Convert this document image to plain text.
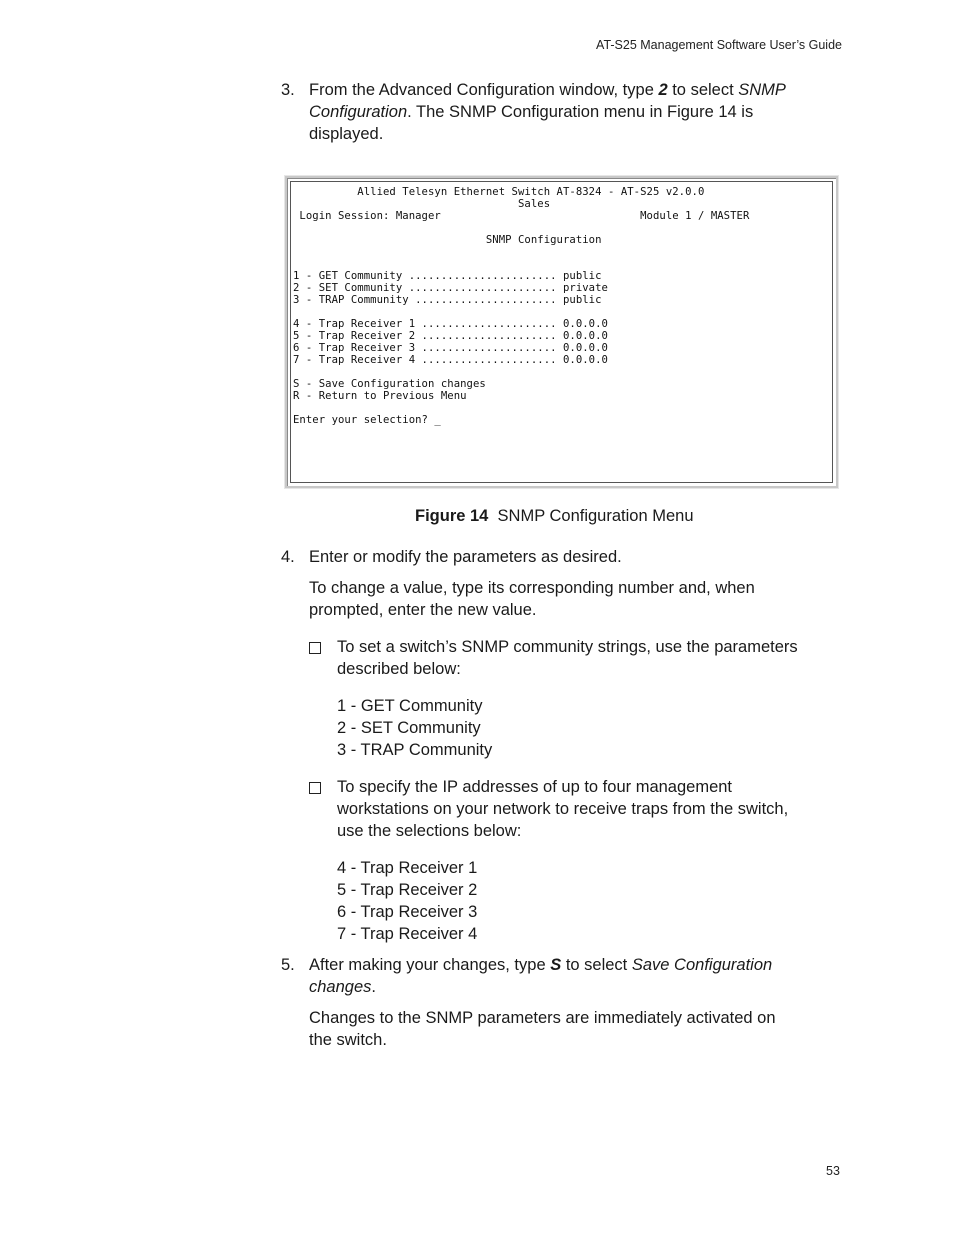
AT-S25 Management Software User’s Guide
3. From the Advanced Configuration window, type 2 to select SNMP
Configuration. The SNMP Configuration menu in Figure 14 is
displayed.
Allied Telesyn Ethernet Switch AT-8324 - AT-S25 v2.0.0
Sales
Login Session: Manager                               Module 1 / MASTER
SNMP Configuration
1 - GET Community ....................... public
2 - SET Community ....................... private
3 - TRAP Community ...................... public
4 - Trap Receiver 1 ..................... 0.0.0.0
5 - Trap Receiver 2 ..................... 0.0.0.0
6 - Trap Receiver 3 ..................... 0.0.0.0
7 - Trap Receiver 4 ..................... 0.0.0.0
S - Save Configuration changes
R - Return to Previous Menu
Enter your selection? _
Figure 14 SNMP Configuration Menu
4. Enter or modify the parameters as desired.
To change a value, type its corresponding number and, when
prompted, enter the new value.
To set a switch’s SNMP community strings, use the parameters
described below:
1 - GET Community
2 - SET Community
3 - TRAP Community
To specify the IP addresses of up to four management
workstations on your network to receive traps from the switch,
use the selections below:
4 - Trap Receiver 1
5 - Trap Receiver 2
6 - Trap Receiver 3
7 - Trap Receiver 4
5. After making your changes, type S to select Save Configuration
changes.
Changes to the SNMP parameters are immediately activated on
the switch.
53
